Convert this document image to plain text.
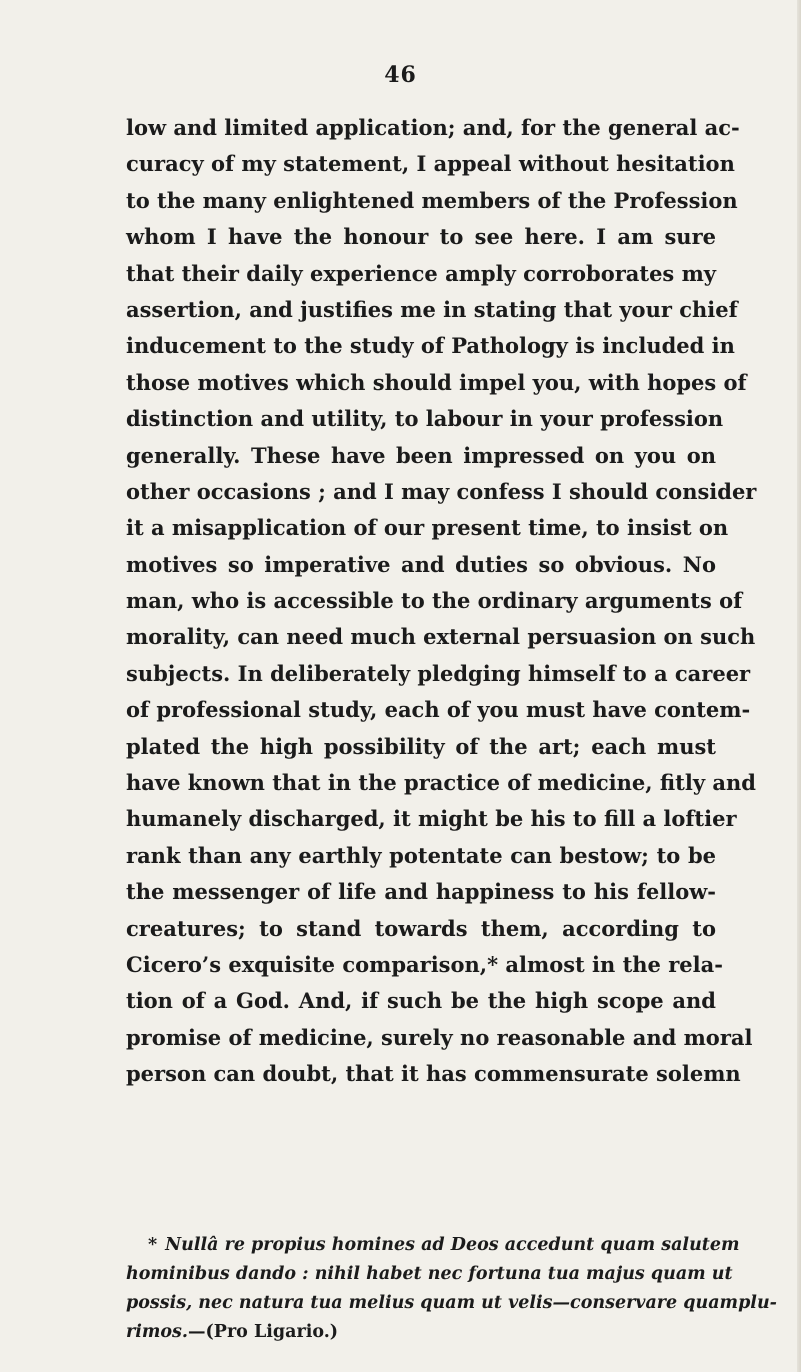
46
low and limited application; and, for the general ac-
curacy of my statement, I appeal without hesitation
to the many enlightened members of the Profession
whom I have the honour to see here. I am sure
that their daily experience amply corroborates my
assertion, and justifies me in stating that your chief
inducement to the study of Pathology is included in
those motives which should impel you, with hopes of
distinction and utility, to labour in your profession
generally. These have been impressed on you on
other occasions ; and I may confess I should consider
it a misapplication of our present time, to insist on
motives so imperative and duties so obvious. No
man, who is accessible to the ordinary arguments of
morality, can need much external persuasion on such
subjects. In deliberately pledging himself to a career
of professional study, each of you must have contem-
plated the high possibility of the art; each must
have known that in the practice of medicine, fitly and
humanely discharged, it might be his to fill a loftier
rank than any earthly potentate can bestow; to be
the messenger of life and happiness to his fellow-
creatures; to stand towards them, according to
Cicero’s exquisite comparison,* almost in the rela-
tion of a God. And, if such be the high scope and
promise of medicine, surely no reasonable and moral
person can doubt, that it has commensurate solemn
* Nullâ re propius homines ad Deos accedunt quam salutem
hominibus dando : nihil habet nec fortuna tua majus quam ut
possis, nec natura tua melius quam ut velis—conservare quamplu-
rimos.—(Pro Ligario.)
